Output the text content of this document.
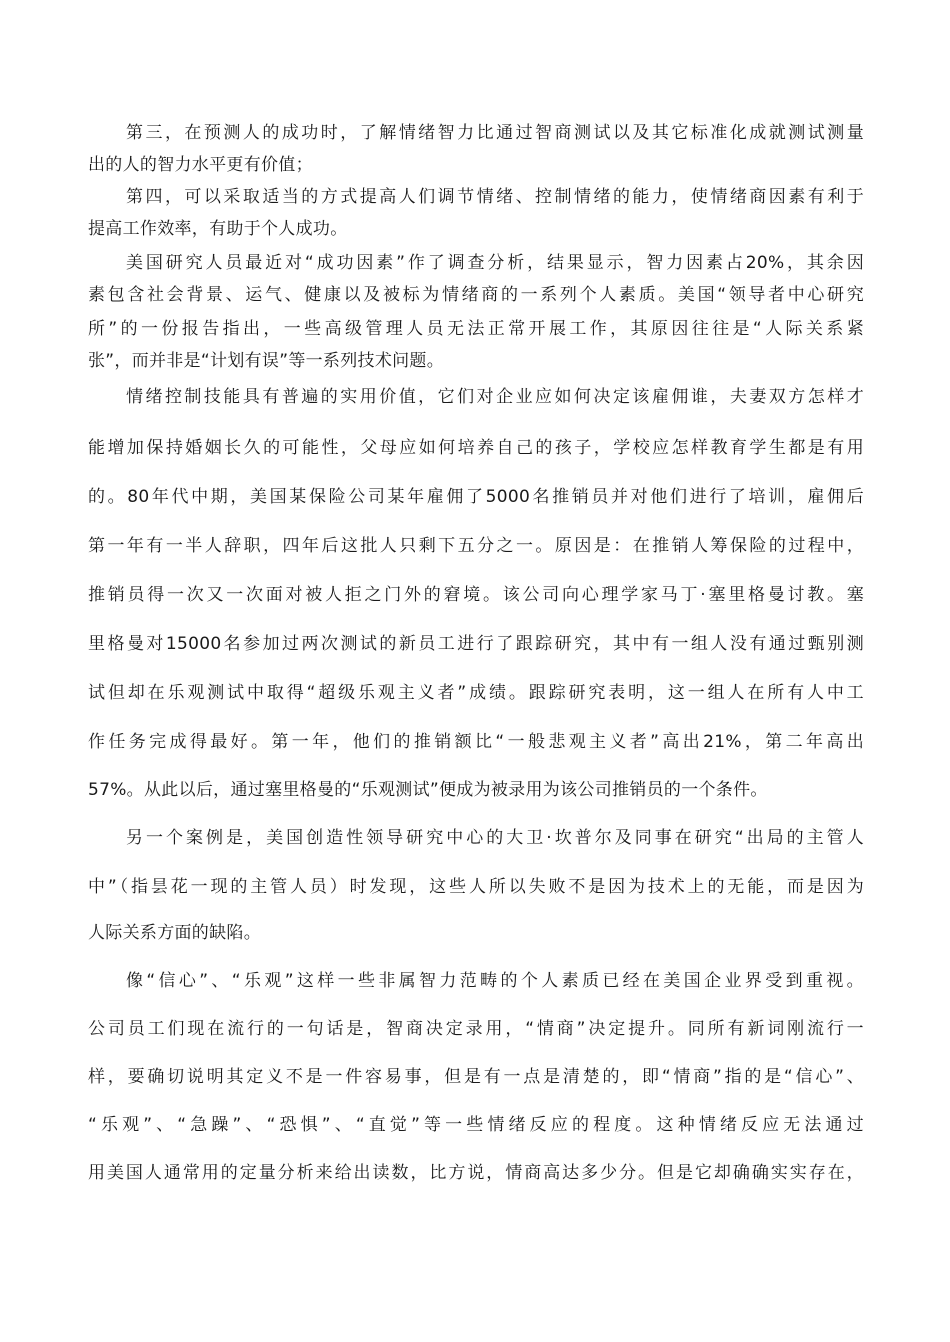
第三，在预测人的成功时，了解情绪智力比通过智商测试以及其它标准化成就测试测量
出的人的智力水平更有价值；
第四，可以采取适当的方式提高人们调节情绪、控制情绪的能力，使情绪商因素有利于
提高工作效率，有助于个人成功。
美国研究人员最近对“成功因素”作了调查分析，结果显示，智力因素占20%，其余因
素包含社会背景、运气、健康以及被标为情绪商的一系列个人素质。美国“领导者中心研究
所”的一份报告指出，一些高级管理人员无法正常开展工作，其原因往往是“人际关系紧
张”，而并非是“计划有误”等一系列技术问题。
情绪控制技能具有普遍的实用价值，它们对企业应如何决定该雇佣谁，夫妻双方怎样才
能增加保持婚姻长久的可能性，父母应如何培养自己的孩子，学校应怎样教育学生都是有用
的。80年代中期，美国某保险公司某年雇佣了5000名推销员并对他们进行了培训，雇佣后
第一年有一半人辞职，四年后这批人只剩下五分之一。原因是：在推销人筹保险的过程中，
推销员得一次又一次面对被人拒之门外的窘境。该公司向心理学家马丁·塞里格曼讨教。塞
里格曼对15000名参加过两次测试的新员工进行了跟踪研究，其中有一组人没有通过甄别测
试但却在乐观测试中取得“超级乐观主义者”成绩。跟踪研究表明，这一组人在所有人中工
作任务完成得最好。第一年，他们的推销额比“一般悲观主义者”高出21%，第二年高出
57%。从此以后，通过塞里格曼的“乐观测试”便成为被录用为该公司推销员的一个条件。
另一个案例是，美国创造性领导研究中心的大卫·坎普尔及同事在研究“出局的主管人
中”（指昙花一现的主管人员）时发现，这些人所以失败不是因为技术上的无能，而是因为
人际关系方面的缺陷。
像“信心”、“乐观”这样一些非属智力范畴的个人素质已经在美国企业界受到重视。
公司员工们现在流行的一句话是，智商决定录用，“情商”决定提升。同所有新词刚流行一
样，要确切说明其定义不是一件容易事，但是有一点是清楚的，即“情商”指的是“信心”、
“乐观”、“急躁”、“恐惧”、“直觉”等一些情绪反应的程度。这种情绪反应无法通过
用美国人通常用的定量分析来给出读数，比方说，情商高达多少分。但是它却确确实实存在，
